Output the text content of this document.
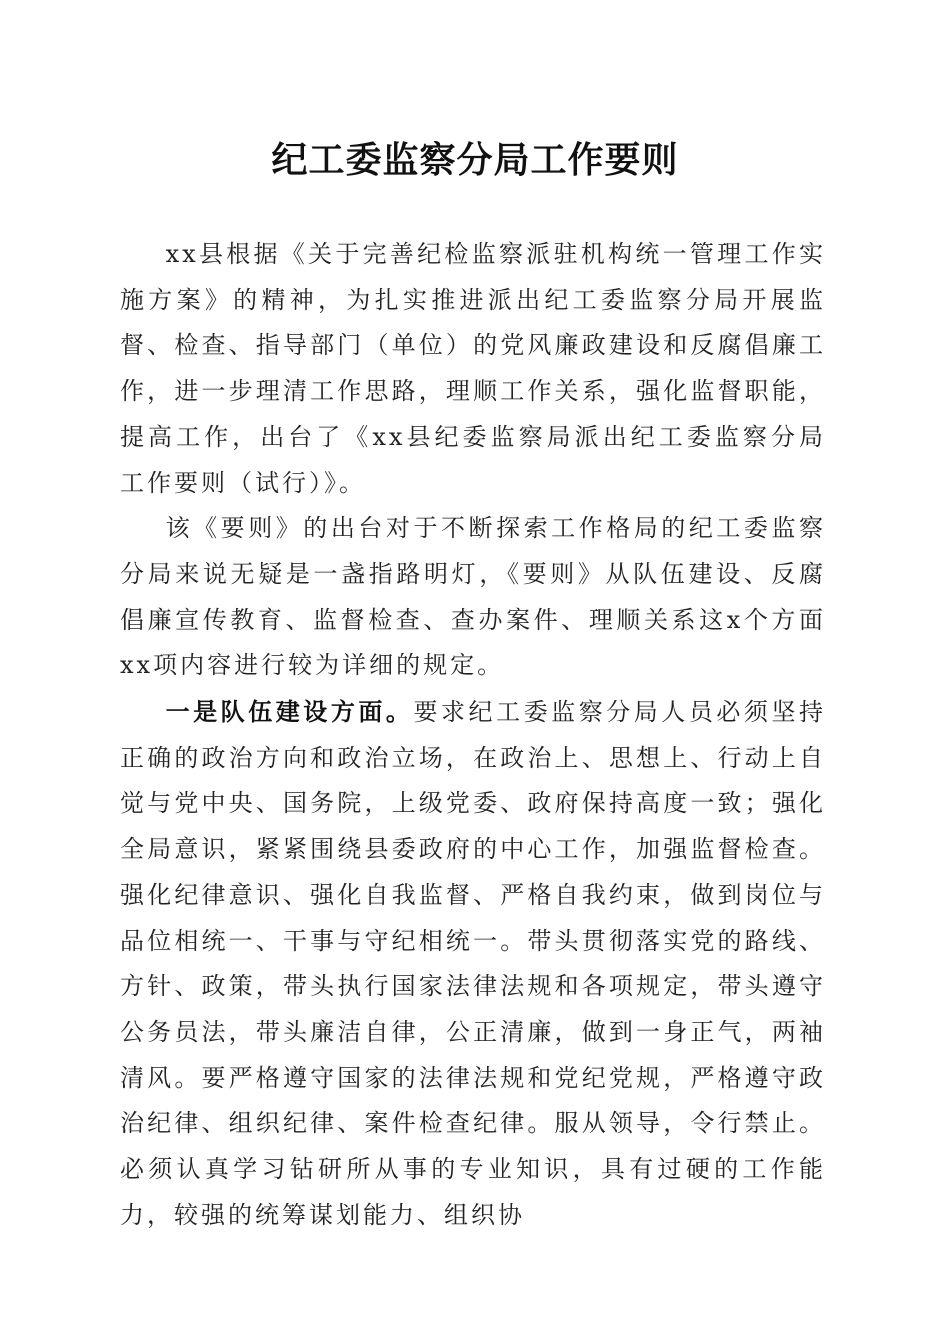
纪工委监察分局工作要则

xx县根据《关于完善纪检监察派驻机构统一管理工作实施方案》的精神，为扎实推进派出纪工委监察分局开展监督、检查、指导部门（单位）的党风廉政建设和反腐倡廉工作，进一步理清工作思路，理顺工作关系，强化监督职能，提高工作，出台了《xx县纪委监察局派出纪工委监察分局工作要则（试行）》。

该《要则》的出台对于不断探索工作格局的纪工委监察分局来说无疑是一盏指路明灯，《要则》从队伍建设、反腐倡廉宣传教育、监督检查、查办案件、理顺关系这x个方面xx项内容进行较为详细的规定。

一是队伍建设方面。要求纪工委监察分局人员必须坚持正确的政治方向和政治立场，在政治上、思想上、行动上自觉与党中央、国务院，上级党委、政府保持高度一致；强化全局意识，紧紧围绕县委政府的中心工作，加强监督检查。强化纪律意识、强化自我监督、严格自我约束，做到岗位与品位相统一、干事与守纪相统一。带头贯彻落实党的路线、方针、政策，带头执行国家法律法规和各项规定，带头遵守公务员法，带头廉洁自律，公正清廉，做到一身正气，两袖清风。要严格遵守国家的法律法规和党纪党规，严格遵守政治纪律、组织纪律、案件检查纪律。服从领导，令行禁止。必须认真学习钻研所从事的专业知识，具有过硬的工作能力，较强的统筹谋划能力、组织协
